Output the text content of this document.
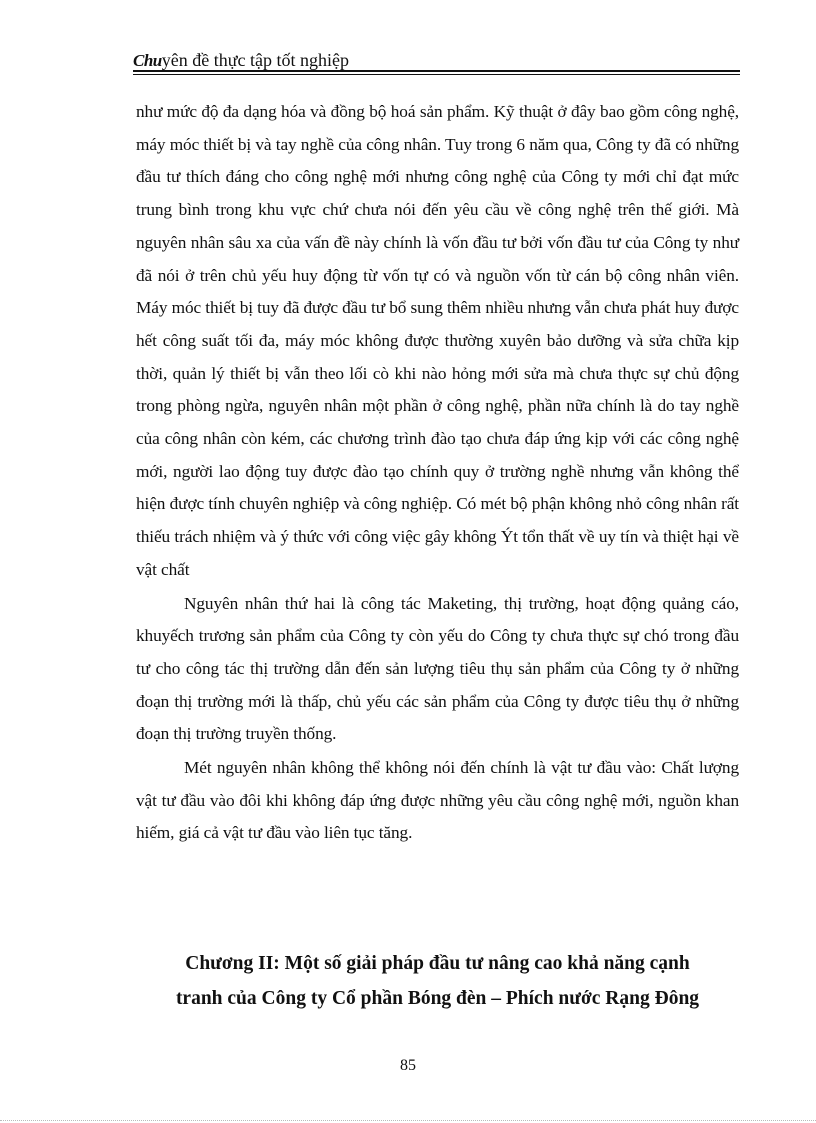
Chuyên đề thực tập tốt nghiệp

như mức độ đa dạng hóa và đồng bộ hoá sản phẩm. Kỹ thuật ở đây bao gồm công nghệ, máy móc thiết bị và tay nghề của công nhân. Tuy trong 6 năm qua, Công ty đã có những đầu tư thích đáng cho công nghệ mới nhưng công nghệ của Công ty mới chỉ đạt mức trung bình trong khu vực chứ chưa nói đến yêu cầu về công nghệ trên thế giới. Mà nguyên nhân sâu xa của vấn đề này chính là vốn đầu tư bởi vốn đầu tư của Công ty như đã nói ở trên chủ yếu huy động từ vốn tự có và nguồn vốn từ cán bộ công nhân viên. Máy móc thiết bị tuy đã được đầu tư bổ sung thêm nhiều nhưng vẫn chưa phát huy được hết công suất tối đa, máy móc không được thường xuyên bảo dưỡng và sửa chữa kịp thời, quản lý thiết bị vẫn theo lối cò khi nào hỏng mới sửa mà chưa thực sự chủ động trong phòng ngừa, nguyên nhân một phần ở công nghệ, phần nữa chính là do tay nghề của công nhân còn kém, các chương trình đào tạo chưa đáp ứng kịp với các công nghệ mới, người lao động tuy được đào tạo chính quy ở trường nghề nhưng vẫn không thể hiện được tính chuyên nghiệp và công nghiệp. Có mét bộ phận không nhỏ công nhân rất thiếu trách nhiệm và ý thức với công việc gây không Ýt tổn thất về uy tín và thiệt hại về vật chất

Nguyên nhân thứ hai là công tác Maketing, thị trường, hoạt động quảng cáo, khuyếch trương sản phẩm của Công ty còn yếu do Công ty chưa thực sự chó trong đầu tư cho công tác thị trường dẫn đến sản lượng tiêu thụ sản phẩm của Công ty ở những đoạn thị trường mới là thấp, chủ yếu các sản phẩm của Công ty được tiêu thụ ở những đoạn thị trường truyền thống.

Mét nguyên nhân không thể không nói đến chính là vật tư đầu vào: Chất lượng vật tư đầu vào đôi khi không đáp ứng được những yêu cầu công nghệ mới, nguồn khan hiếm, giá cả vật tư đầu vào liên tục tăng.

Chương II: Một số giải pháp đầu tư nâng cao khả năng cạnh
tranh của Công ty Cổ phần Bóng đèn – Phích nước Rạng Đông
85
